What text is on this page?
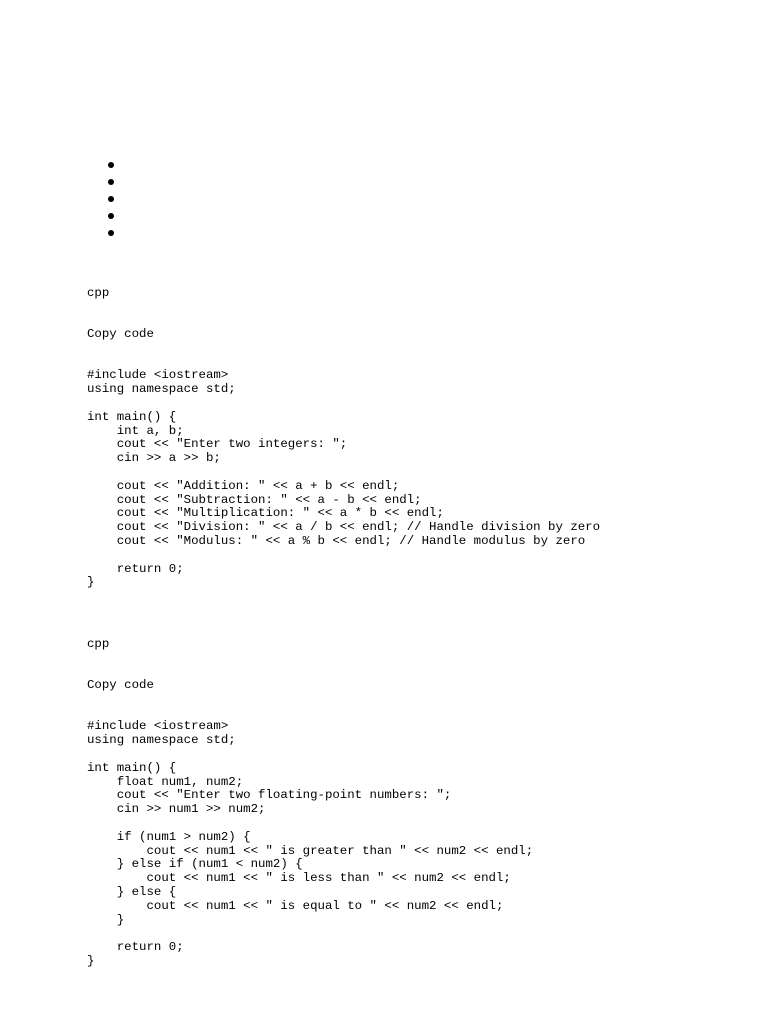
cpp

Copy code

#include <iostream>
using namespace std;
int main() {
int a, b;
cout << "Enter two integers: ";
cin >> a >> b;
cout << "Addition: " << a + b << endl;
cout << "Subtraction: " << a - b << endl;
cout << "Multiplication: " << a * b << endl;
cout << "Division: " << a / b << endl; // Handle division by zero
cout << "Modulus: " << a % b << endl; // Handle modulus by zero
return 0;
}

cpp

Copy code

#include <iostream>
using namespace std;
int main() {
float num1, num2;
cout << "Enter two floating-point numbers: ";
cin >> num1 >> num2;
if (num1 > num2) {
cout << num1 << " is greater than " << num2 << endl;
} else if (num1 < num2) {
cout << num1 << " is less than " << num2 << endl;
} else {
cout << num1 << " is equal to " << num2 << endl;
}
return 0;
}
